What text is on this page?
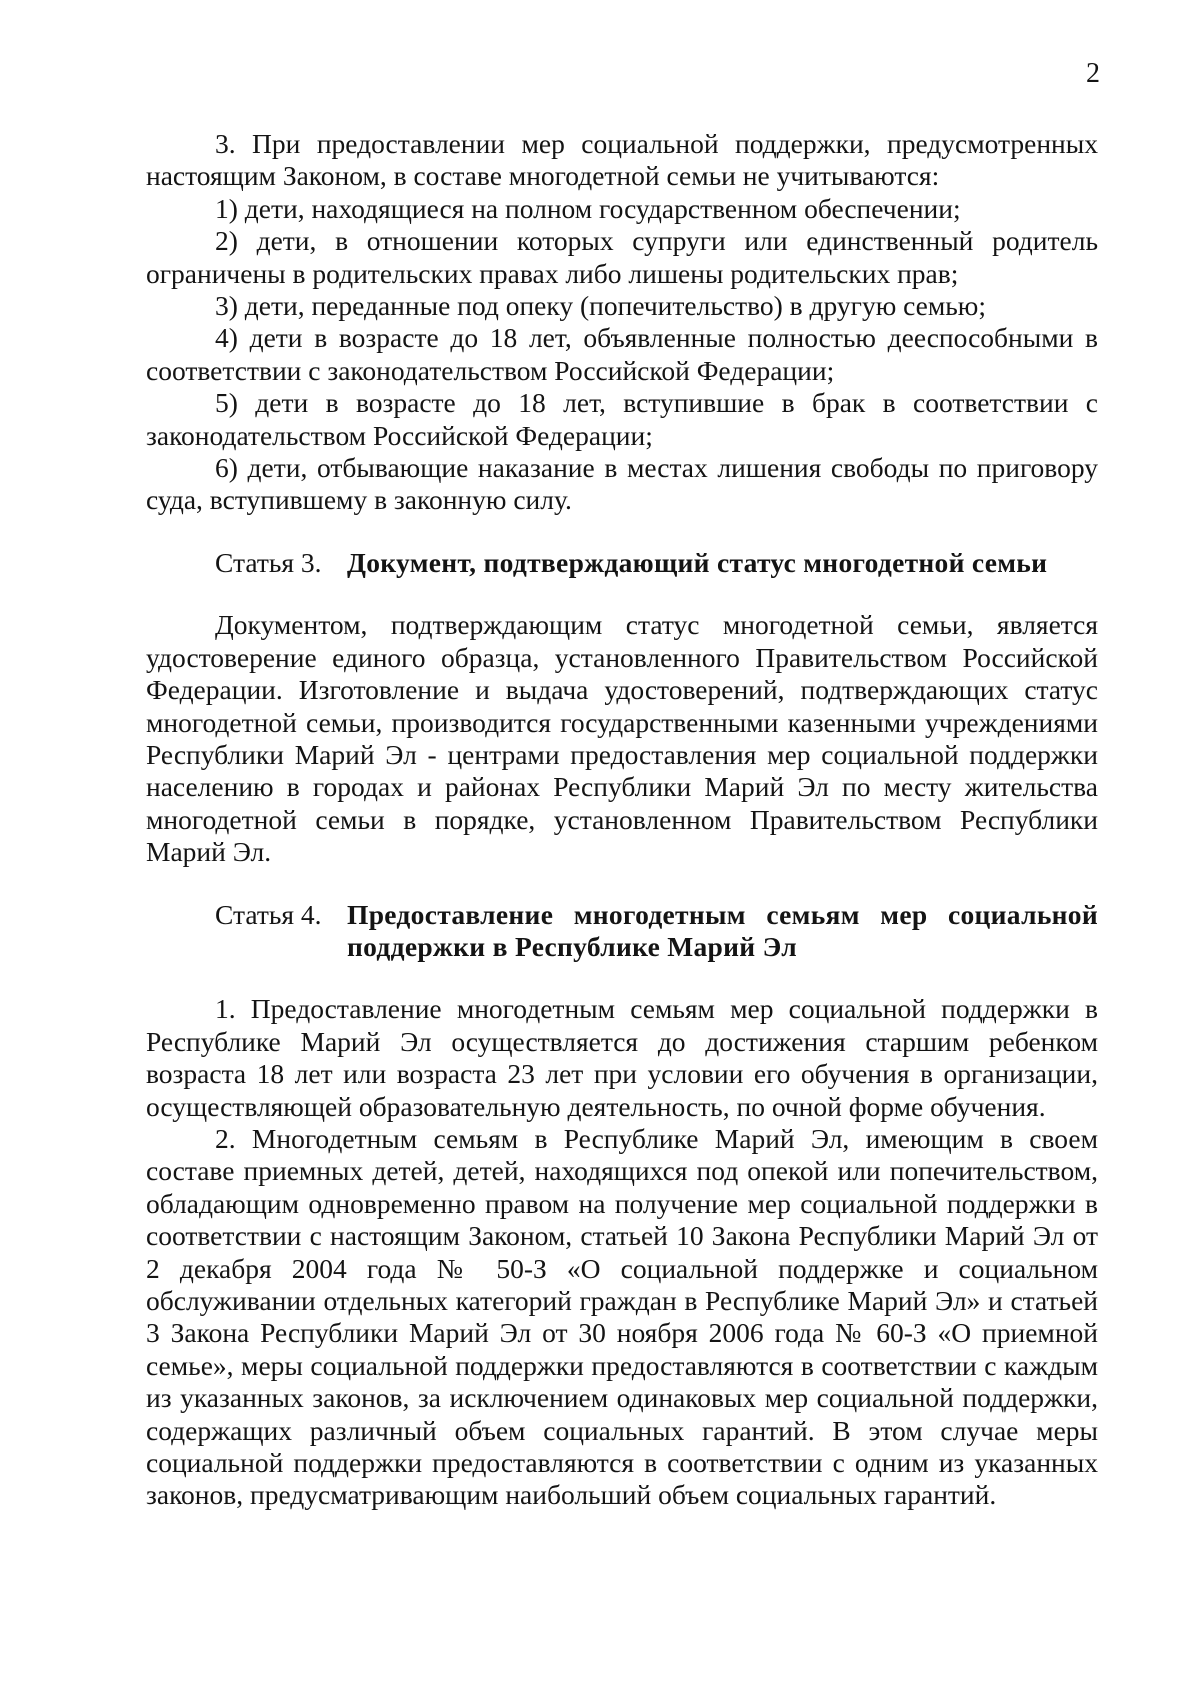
2

3. При предоставлении мер социальной поддержки, предусмотренных настоящим Законом, в составе многодетной семьи не учитываются:

1) дети, находящиеся на полном государственном обеспечении;

2) дети, в отношении которых супруги или единственный родитель ограничены в родительских правах либо лишены родительских прав;

3) дети, переданные под опеку (попечительство) в другую семью;

4) дети в возрасте до 18 лет, объявленные полностью дееспособными в соответствии с законодательством Российской Федерации;

5) дети в возрасте до 18 лет, вступившие в брак в соответствии с законодательством Российской Федерации;

6) дети, отбывающие наказание в местах лишения свободы по приговору суда, вступившему в законную силу.

Статья 3. Документ, подтверждающий статус многодетной семьи

Документом, подтверждающим статус многодетной семьи, является удостоверение единого образца, установленного Правительством Российской Федерации. Изготовление и выдача удостоверений, подтверждающих статус многодетной семьи, производится государственными казенными учреждениями Республики Марий Эл - центрами предоставления мер социальной поддержки населению в городах и районах Республики Марий Эл по месту жительства многодетной семьи в порядке, установленном Правительством Республики Марий Эл.

Статья 4. Предоставление многодетным семьям мер социальной поддержки в Республике Марий Эл

1. Предоставление многодетным семьям мер социальной поддержки в Республике Марий Эл осуществляется до достижения старшим ребенком возраста 18 лет или возраста 23 лет при условии его обучения в организации, осуществляющей образовательную деятельность, по очной форме обучения.

2. Многодетным семьям в Республике Марий Эл, имеющим в своем составе приемных детей, детей, находящихся под опекой или попечительством, обладающим одновременно правом на получение мер социальной поддержки в соответствии с настоящим Законом, статьей 10 Закона Республики Марий Эл от 2 декабря 2004 года № 50-З «О социальной поддержке и социальном обслуживании отдельных категорий граждан в Республике Марий Эл» и статьей 3 Закона Республики Марий Эл от 30 ноября 2006 года № 60-З «О приемной семье», меры социальной поддержки предоставляются в соответствии с каждым из указанных законов, за исключением одинаковых мер социальной поддержки, содержащих различный объем социальных гарантий. В этом случае меры социальной поддержки предоставляются в соответствии с одним из указанных законов, предусматривающим наибольший объем социальных гарантий.
